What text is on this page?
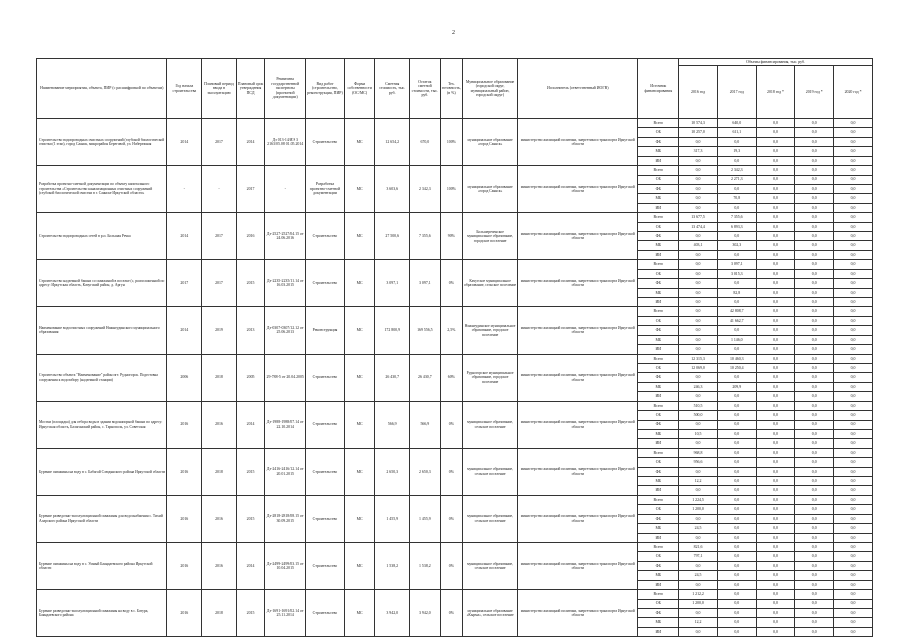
2
Наименование мероприятия, объекта, ПИР (с расшифровкой по объектам)	Год начала строительства	Плановый период ввода в эксплуатацию	Плановый срок утверждения ПСД	Реквизиты государственной экспертизы (проектной документации)	Вид работ (строительство, реконструкция, ПИР)	Форма собственности (ОС/МС)	Сметная стоимость, тыс. руб.	Остаток сметной стоимости, тыс. руб.	Тех. готовность, (в %)	Муниципальное образование (городской округ, муниципальный район, городской округ)	Исполнитель (ответственный ИОГВ)	Источник финансирования	Объемы финансирования, тыс. руб.				
													2016 год	2017 год	2018 год *	2019 год *	2020 год *
Строительство водопроводных очистных сооружений (глубокой биологической очистки (1 этап), город Саянск, микрорайон Береговой, ул. Набережная	2014	2017	2014	Дз 013-14/ЯЭ 3 2163/05.08 01.05.2014	Строительство	МС	12 654,2	670,0	100%	муниципальное образование «город Саянск»	министерство жилищной политики, энергетики и транспорта Иркутской области	Всего	10 574,3	640,0	0,0	0,0	0,0
												ОБ	10 257,0	611,1	0,0	0,0	0,0
												ФБ	0,0	0,0	0,0	0,0	0,0
												МБ	317,3	19,3	0,0	0,0	0,0
												ИИ	0,0	0,0	0,0	0,0	0,0
Разработка проектно-сметной документации по объекту капитального строительства «Строительство канализационных очистных сооружений (глубокой биологической очистки в г. Саянске Иркутской области»	-	-	2017	-	Разработка проектно-сметной документации	МС	3 603,6	2 342,3	100%	муниципальное образование «город Саянск»	министерство жилищной политики, энергетики и транспорта Иркутской области	Всего	0,0	2 342,3	0,0	0,0	0,0
												ОБ	0,0	2 271,3	0,0	0,0	0,0
												ФБ	0,0	0,0	0,0	0,0	0,0
												МБ	0,0	70,8	0,0	0,0	0,0
												ИИ	0,0	0,0	0,0	0,0	0,0
Строительство водопроводных сетей в р.п. Большая Речка	2014	2017	2016	Дз-2527-2527/04.15 от 24.06.2016	Строительство	МС	27 500,6	7 355,6	90%	Большереченское муниципальное образование, городское поселение	министерство жилищной политики, энергетики и транспорта Иркутской области	Всего	13 677,5	7 355,6	0,0	0,0	0,0
												ОБ	13 474,4	6 893,3	0,0	0,0	0,0
												ФБ	0,0	0,0	0,0	0,0	0,0
												МБ	403,1	302,3	0,0	0,0	0,0
												ИИ	0,0	0,0	0,0	0,0	0,0
Строительство надземной башни со скважиной в поселке (с, расположенной по адресу: Иркутская область, Качугский район, д. Аргун	2017	2017	2015	Дз-2235-2235/11.14 от 16.03.2015	Строительство	МС	3 097,1	3 097,1	0%	Качугское муниципальное образование, сельское поселение	министерство жилищной политики, энергетики и транспорта Иркутской области	Всего	0,0	3 097,1	0,0	0,0	0,0
												ОБ	0,0	3 015,3	0,0	0,0	0,0
												ФБ	0,0	0,0	0,0	0,0	0,0
												МБ	0,0	82,8	0,0	0,0	0,0
												ИИ	0,0	0,0	0,0	0,0	0,0
Наименование водоочистных сооружений Нижнеудинского муниципального образования	2014	2019	2013	Дз-0307-0307/12.12 от 25.06.2013	Реконструкция	МС	172 800,9	169 556,5	2,5%	Нижнеудинское муниципальное образование, городское поселение	министерство жилищной политики, энергетики и транспорта Иркутской области	Всего	0,0	42 808,7	0,0	0,0	0,0
												ОБ	0,0	41 662,7	0,0	0,0	0,0
												ФБ	0,0	0,0	0,0	0,0	0,0
												МБ	0,0	1 146,0	0,0	0,0	0,0
												ИИ	0,0	0,0	0,0	0,0	0,0
Строительство объекта "Наименование" район пгт. Рудногорск. Подготовка сооружения к водозабору (надземной станции)	2006	2018	2005	29-788-5 от 20.04.2005	Строительство	МС	26 430,7	26 430,7	60%	Рудногорское муниципальное образование, городское поселение	министерство жилищной политики, энергетики и транспорта Иркутской области	Всего	12 315,3	10 460,3	0,0	0,0	0,0
												ОБ	12 069,0	10 250,4	0,0	0,0	0,0
												ФБ	0,0	0,0	0,0	0,0	0,0
												МБ	246,3	209,9	0,0	0,0	0,0
												ИИ	0,0	0,0	0,0	0,0	0,0
Мостки (площадка) для отбора воды в здании водонапорной башни по адресу: Иркутская область, Балаганский район, с. Тарнополь, ул. Советская	2016	2016	2014	Дз-1988-1988/07.14 от 22.10.2014	Строительство	МС	566,9	566,9	0%	муниципальное образование, сельское поселение	министерство жилищной политики, энергетики и транспорта Иркутской области	Всего	510,5	0,0	0,0	0,0	0,0
												ОБ	500,0	0,0	0,0	0,0	0,0
												ФБ	0,0	0,0	0,0	0,0	0,0
												МБ	10,5	0,0	0,0	0,0	0,0
												ИИ	0,0	0,0	0,0	0,0	0,0
Бурение скважины на воду в с. Бабагай Слюдянского района Иркутской области	2016	2018	2015	Дз-2416-2416/12.14 от 20.01.2015	Строительство	МС	2 650,3	2 650,3	0%	муниципальное образование, сельское поселение	министерство жилищной политики, энергетики и транспорта Иркутской области	Всего	968,8	0,0	0,0	0,0	0,0
												ОБ	956,6	0,0	0,0	0,0	0,0
												ФБ	0,0	0,0	0,0	0,0	0,0
												МБ	12,2	0,0	0,0	0,0	0,0
												ИИ	0,0	0,0	0,0	0,0	0,0
Бурение разведочно-эксплуатационной скважины для водоснабжения с. Тихий Аларского района Иркутской области	2016	2016	2015	Дз-2818-2818/08.15 от 30.09.2015	Строительство	МС	1 455,9	1 455,9	0%	муниципальное образование, сельское поселение	министерство жилищной политики, энергетики и транспорта Иркутской области	Всего	1 224,5	0,0	0,0	0,0	0,0
												ОБ	1 200,0	0,0	0,0	0,0	0,0
												ФБ	0,0	0,0	0,0	0,0	0,0
												МБ	24,5	0,0	0,0	0,0	0,0
												ИИ	0,0	0,0	0,0	0,0	0,0
Бурение скважины на воду в с. Умный Баяндаевского района Иркутской области	2016	2016	2014	Дз-2499-2499/03.15 от 10.04.2015	Строительство	МС	1 538,2	1 538,2	0%	муниципальное образование, сельское поселение	министерство жилищной политики, энергетики и транспорта Иркутской области	Всего	821,6	0,0	0,0	0,0	0,0
												ОБ	797,1	0,0	0,0	0,0	0,0
												ФБ	0,0	0,0	0,0	0,0	0,0
												МБ	24,5	0,0	0,0	0,0	0,0
												ИИ	0,0	0,0	0,0	0,0	0,0
Бурение разведочно-эксплуатационной скважины на воду в с. Батура, Баяндаевского района	2016	2018	2015	Дз-1691-1691/02.14 от 25.11.2014	Строительство	МС	3 942,0	3 942,0	0%	муниципальное образование «Кырма», сельское поселение	министерство жилищной политики, энергетики и транспорта Иркутской области	Всего	1 212,2	0,0	0,0	0,0	0,0
												ОБ	1 200,0	0,0	0,0	0,0	0,0
												ФБ	0,0	0,0	0,0	0,0	0,0
												МБ	12,2	0,0	0,0	0,0	0,0
												ИИ	0,0	0,0	0,0	0,0	0,0
